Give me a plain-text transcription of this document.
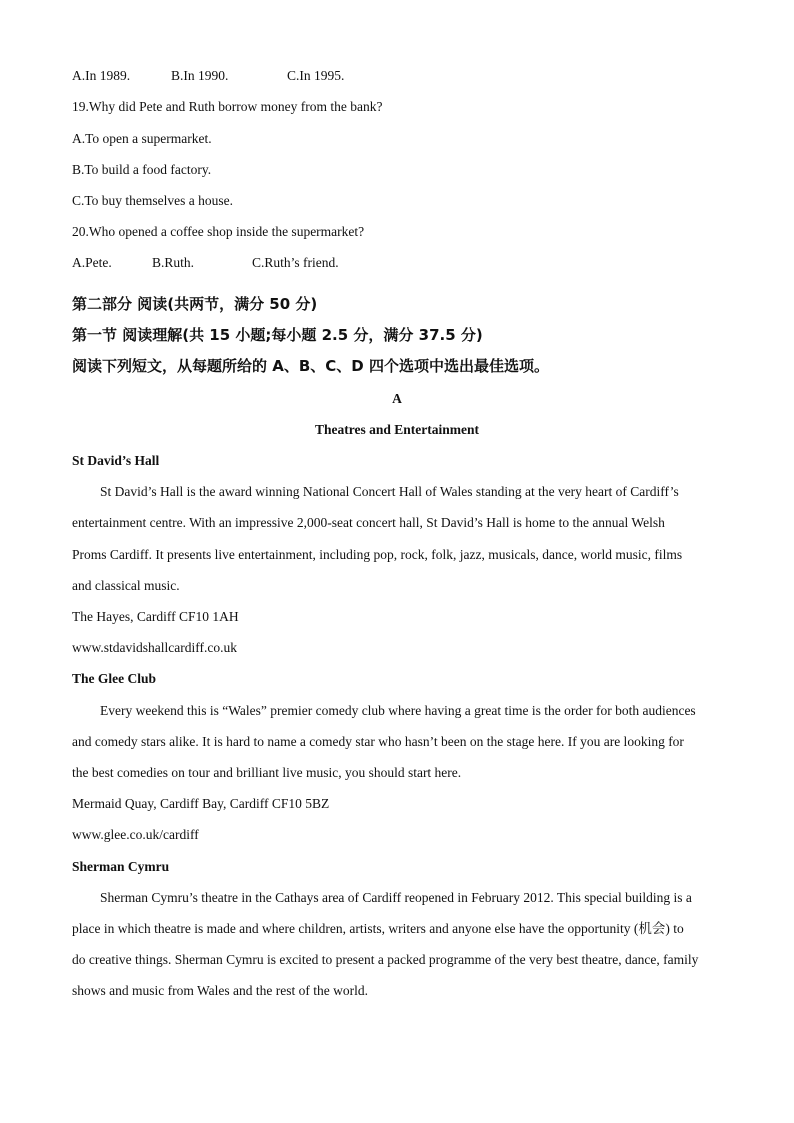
A.In 1989.	B.In 1990.	C.In 1995.
19.Why did Pete and Ruth borrow money from the bank?
A.To open a supermarket.
B.To build a food factory.
C.To buy themselves a house.
20.Who opened a coffee shop inside the supermarket?
A.Pete.	B.Ruth.	C.Ruth’s friend.
第二部分 阅读(共两节，满分 50 分)
第一节 阅读理解(共 15 小题;每小题 2.5 分，满分 37.5 分)
阅读下列短文，从每题所给的 A、B、C、D 四个选项中选出最佳选项。
A
Theatres and Entertainment
St David’s Hall
St David’s Hall is the award winning National Concert Hall of Wales standing at the very heart of Cardiff’s
entertainment centre. With an impressive 2,000-seat concert hall, St David’s Hall is home to the annual Welsh
Proms Cardiff. It presents live entertainment, including pop, rock, folk, jazz, musicals, dance, world music, films
and classical music.
The Hayes, Cardiff CF10 1AH
www.stdavidshallcardiff.co.uk
The Glee Club
Every weekend this is “Wales” premier comedy club where having a great time is the order for both audiences
and comedy stars alike. It is hard to name a comedy star who hasn’t been on the stage here. If you are looking for
the best comedies on tour and brilliant live music, you should start here.
Mermaid Quay, Cardiff Bay, Cardiff CF10 5BZ
www.glee.co.uk/cardiff
Sherman Cymru
Sherman Cymru’s theatre in the Cathays area of Cardiff reopened in February 2012. This special building is a
place in which theatre is made and where children, artists, writers and anyone else have the opportunity (机会) to
do creative things. Sherman Cymru is excited to present a packed programme of the very best theatre, dance, family
shows and music from Wales and the rest of the world.
